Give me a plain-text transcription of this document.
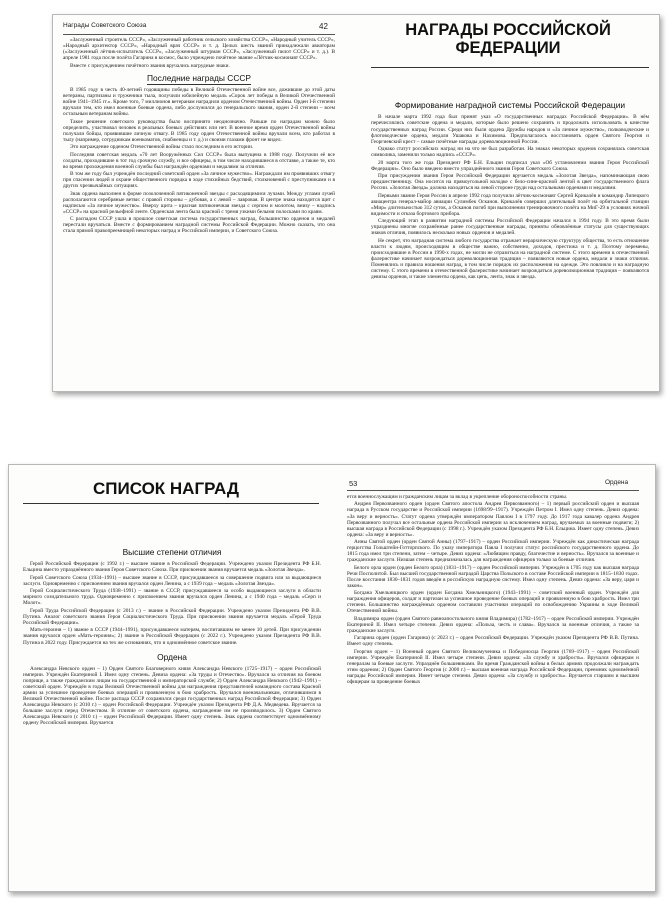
Награды Советского Союза	42

«Заслуженный строитель СССР», «Заслуженный работник сельского хозяйства СССР», «Народный учитель СССР», «Народный архитектор СССР», «Народный врач СССР» и т. д. Целых шесть званий принадлежали авиаторам («Заслуженный лётчик-испытатель СССР», «Заслуженный штурман СССР», «Заслуженный пилот СССР» и т. д.). В апреле 1981 года после полёта Гагарина в космос, было учреждено почётное звание «Лётчик-космонавт СССР».

Вместе с присуждением почётного звания вручались нагрудные знаки.

Последние награды СССР

В 1985 году в честь 40-летней годовщины победы в Великой Отечественной войне все, дожившие до этой даты ветераны, партизаны и труженики тыла, получили юбилейную медаль «Сорок лет победы в Великой Отечественной войне 1941–1945 гг.». Кроме того, 7 миллионов ветеранам наградили орденом Отечественной войны. Орден I-й степени вручали тем, кто имел военные боевые ордена, либо дослужился до генеральского звания, орден 2-й степени – всем остальным ветеранам войны.

Такое решение советского руководства было воспринято неоднозначно. Раньше по наградам можно было определить, участвовал человек в реальных боевых действиях или нет. В военное время орден Отечественной войны получали бойцы, проявившие личную отвагу. В 1985 году орден Отечественной войны вручали всем, кто работал в тылу (например, сотрудникам военкоматов, снабженцы и т. д.) и своими глазами фронт не видел.

Это награждение орденом Отечественной войны стало последним в его истории.

Последняя советская медаль «70 лет Вооружённых Сил СССР» была выпущена в 1988 году. Получили её все солдаты, проходившие в тот год срочную службу, и все офицеры, в том числе находившиеся в отставке, а также те, кто во время прохождения военной службы был награждён орденами и медалями за отличия.

В том же году был учреждён последний советский орден «За личное мужество». Награждали им проявивших отвагу при спасении людей и охране общественного порядка в ходе стихийных бедствий, столкновений с преступниками и в других чрезвычайных ситуациях.

Знак ордена выполнен в форме позолоченной пятиконечной звезды с расходящимися лучами. Между углами лучей располагаются серебряные ветви: с правой стороны – дубовая, а с левой – лавровая. В центре знака находится щит с надписью «За личное мужество». Вверху щита – красная пятиконечная звезда с серпом и молотом, внизу – надпись «СССР» на красной рельефной ленте. Орденская лента была красной с тремя узкими белыми полосками по краям.

С распадом СССР ушла в прошлое советская система государственных наград, большинство орденов и медалей перестали вручаться. Вместе с формированием наградной системы Российской Федерации. Можно сказать, что она стала прямой правопреемницей некоторых наград и Российской империи, и Советского Союза.

НАГРАДЫ РОССИЙСКОЙ ФЕДЕРАЦИИ
Формирование наградной системы Российской Федерации

В начале марта 1992 года был принят указ «О государственных наградах Российской Федерации». В нём перечислялись советские ордена и медали, которые было решено сохранить и продолжать использовать в качестве государственных наград России. Среди них были ордена Дружбы народов и «За личное мужество», полководческие и флотоводческие ордена, медали Ушакова и Нахимова. Предполагалось восстановить орден Святого Георгия и Георгиевский крест – самые почётные награды дореволюционной России.

Однако статут российских наград ни на что не был разработан. На знаках некоторых орденов сохранялась советская символика, заменили только надпись «СССР».

20 марта того же года Президент РФ Б.Н. Ельцин подписал указ «Об установлении звания Героя Российской Федерации». Оно было введено вместо упразднённого звания Героя Советского Союза.

При присуждении звания Героя Российской Федерации вручается медаль «Золотая Звезда», напоминающая свою предшественницу. Она носится на прямоугольной колодке с бело-сине-красной лентой в цвет государственного флага России. «Золотая Звезда» должна находиться на левой стороне груди над остальными орденами и медалями.

Первыми звание Героя России в апреле 1992 года получили лётчик-космонавт Сергей Крикалёв и командир Липецкого авиацентра генерал-майор авиации Сулимбек Осканов. Крикалёв совершил длительный полёт на орбитальной станции «Мир» длительностью 312 суток, а Осканов погиб при выполнении тренировочного полёта на МиГ-29 в условиях ночной видимости и отказа бортового прибора.

Следующий этап в развитии наградной системы Российской Федерации начался в 1994 году. В это время были упразднены многие сохранённые ранее государственные награды, приняты обновлённые статусы для существующих знаков отличия, появилось несколько новых орденов и медалей.

Не секрет, что наградная система любого государства отражает иерархическую структуру общества, то есть отношение власти к людям, происходящим в обществе важно, собственно, доходов, престижа и т. д. Поэтому перемены, происходившие в России в 1990-х годах, не могли не отразиться на наградной системе. С этого времени в отечественной фалеристике начинает возрождаться дореволюционная традиция – появляются новые ордена, медали и знаки отличия. Поменялись и правила ношения наград, в том числе порядок их расположения на одежде. Это повлияло и на наградную систему. С этого времени в отечественной фалеристике начинает возрождаться дореволюционная традиция – появляются девизы орденов, и такие элементы ордена, как цепь, лента, знак и звезда.

СПИСОК НАГРАД	53	Ордена
Высшие степени отличия

Герой Российской Федерации (с 1992 г.) – высшее звание в Российской Федерации. Учреждено указом Президента РФ Б.Н. Ельцина вместо упразднённого звания Героя Советского Союза. При присвоении звания вручается медаль «Золотая Звезда».

Герой Советского Союза (1934–1991) – высшее звание в СССР, присуждавшееся за совершение подвига или за выдающиеся заслуги. Одновременно с присвоением звания вручался орден Ленина, а с 1939 года – медаль «Золотая Звезда».

Герой Социалистического Труда (1938–1991) – звание в СССР, присуждавшееся за особо выдающиеся заслуги в области мирного созидательного труда. Одновременно с присвоением звания вручался орден Ленина, а с 1940 года – медаль «Серп и Молот».

Герой Труда Российской Федерации (с 2013 г.) – звание в Российской Федерации. Учреждено указом Президента РФ В.В. Путина. Аналог советского звания Героя Социалистического Труда. При присвоении звания вручается медаль «Герой Труда Российской Федерации».

Мать-героиня – 1) звание в СССР (1944–1991), присуждавшееся матерям, воспитавшим не менее 10 детей. При присуждении звания вручался орден «Мать-героиня»; 2) звание в Российской Федерации (с 2022 г.). Учреждено указом Президента РФ В.В. Путина в 2022 году. Присуждается на тех же основаниях, что и одноимённое советское звание.

Ордена

Александра Невского орден – 1) Орден Святого Благоверного князя Александра Невского (1725–1917) – орден Российской империи. Учреждён Екатериной I. Имел одну степень. Девиза ордена: «За труды и Отечество». Вручался за отличия на боевом поприще, а также гражданским лицам на государственной и императорской службе; 2) Орден Александра Невского (1942–1991) – советский орден. Учреждён в годы Великой Отечественной войны для награждения представителей командного состава Красной армии за успешное проведение боевых операций и проявленную в бою храбрость. Вручался военачальникам, отличившимся в Великой Отечественной войне. После распада СССР сохранился среди государственных наград Российской Федерации; 3) Орден Александра Невского (с 2010 г.) – орден Российской Федерации. Учреждён указом Президента РФ Д.А. Медведева. Вручается за большие заслуги перед Отечеством. В отличие от советского ордена, награждение им не производилось. 3) Орден Святого Александра Невского (с 2010 г.) – орден Российской Федерации. Имеет одну степень. Знак ордена соответствует одноимённому ордену Российской империи. Вручается

ется военнослужащим и гражданским лицам за вклад в укрепление обороноспособности страны.

Андрея Первозванного орден (орден Святого апостола Андрея Первозванного) – 1) первый российский орден и высшая награда в Русском государстве и Российской империи (1698/99–1917). Учреждён Петром I. Имел одну степень. Девиз ордена: «За веру и верность». Статут ордена утверждён императором Павлом I в 1797 году. До 1917 года кавалер ордена Андрея Первозванного получал все остальные ордена Российской империи за исключением наград, вручаемых за военные подвиги; 2) высшая награда в Российской Федерации (с 1998 г.). Учреждён указом Президента РФ Б.Н. Ельцина. Имеет одну степень. Девиз ордена: «За веру и верность».

Анны Святой орден (орден Святой Анны) (1797–1917) – орден Российской империи. Учреждён как династическая награда герцогства Гольштейн-Готторпского. По указу императора Павла I получил статус российского государственного ордена. До 1815 года имел три степени, затем – четыре. Девиз ордена: «Любящим правду, благочестие и верность». Вручался за военные и гражданские заслуги. Низшая степень предназначалась для награждения офицеров только за боевые отличия.

Белого орла орден (орден Белого орла) (1831–1917) – орден Российской империи. Учреждён в 1705 году как высшая награда Речи Посполитой. Был высшей государственной наградой Царства Польского в составе Российской империи в 1815–1830 годах. После восстания 1830–1831 годов введён в российскую наградную систему. Имел одну степень. Девиз ордена: «За веру, царя и закон».

Богдана Хмельницкого орден (орден Богдана Хмельницкого) (1943–1991) – советский военный орден. Учреждён для награждения офицеров, солдат и партизан за успешное проведение боевых операций и проявленную в бою храбрость. Имел три степени. Большинство награждённых орденом составили участники операций по освобождению Украины в ходе Великой Отечественной войны.

Владимира орден (орден Святого равноапостольного князя Владимира) (1782–1917) – орден Российской империи. Учреждён Екатериной II. Имел четыре степени. Девиз ордена: «Польза, честь и слава». Вручался за военные отличия, а также за гражданские заслуги.

Гагарина орден (орден Гагарина) (с 2023 г.) – орден Российской Федерации. Учреждён указом Президента РФ В.В. Путина. Имеет одну степень.

Георгия орден – 1) Военный орден Святого Великомученика и Победоносца Георгия (1769–1917) – орден Российской империи. Учреждён Екатериной II. Имел четыре степени. Девиз ордена: «За службу и храбрость». Вручался офицерам и генералам за боевые заслуги. Упразднён большевиками. Во время Гражданской войны в белых армиях продолжали награждать этим орденом; 2) Орден Святого Георгия (с 2000 г.) – высшая военная награда Российской Федерации, преемник одноимённой награды Российской империи. Имеет четыре степени. Девиз ордена: «За службу и храбрость». Вручается старшим и высшим офицерам за проведение боевых
